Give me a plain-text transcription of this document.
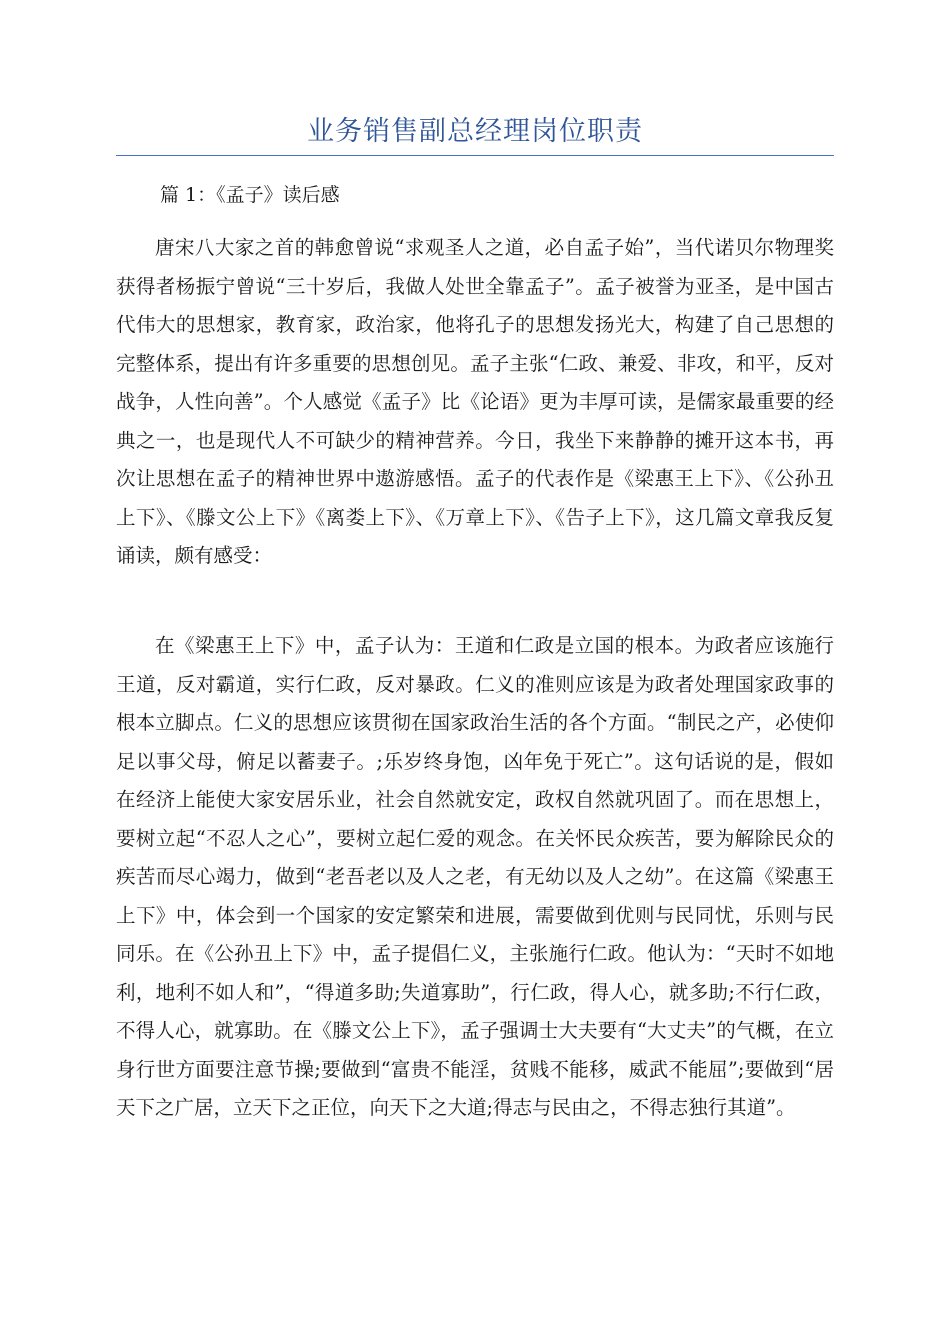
业务销售副总经理岗位职责

篇 1：《孟子》读后感

唐宋八大家之首的韩愈曾说“求观圣人之道，必自孟子始”，当代诺贝尔物理奖获得者杨振宁曾说“三十岁后，我做人处世全靠孟子”。孟子被誉为亚圣，是中国古代伟大的思想家，教育家，政治家，他将孔子的思想发扬光大，构建了自己思想的完整体系，提出有许多重要的思想创见。孟子主张“仁政、兼爱、非攻，和平，反对战争，人性向善”。个人感觉《孟子》比《论语》更为丰厚可读，是儒家最重要的经典之一，也是现代人不可缺少的精神营养。今日，我坐下来静静的摊开这本书，再次让思想在孟子的精神世界中遨游感悟。孟子的代表作是《梁惠王上下》、《公孙丑上下》、《滕文公上下》《离娄上下》、《万章上下》、《告子上下》，这几篇文章我反复诵读，颇有感受：

在《梁惠王上下》中，孟子认为：王道和仁政是立国的根本。为政者应该施行王道，反对霸道，实行仁政，反对暴政。仁义的准则应该是为政者处理国家政事的根本立脚点。仁义的思想应该贯彻在国家政治生活的各个方面。“制民之产，必使仰足以事父母，俯足以蓄妻子。;乐岁终身饱，凶年免于死亡”。这句话说的是，假如在经济上能使大家安居乐业，社会自然就安定，政权自然就巩固了。而在思想上，要树立起“不忍人之心”，要树立起仁爱的观念。在关怀民众疾苦，要为解除民众的疾苦而尽心竭力，做到“老吾老以及人之老，有无幼以及人之幼”。在这篇《梁惠王上下》中，体会到一个国家的安定繁荣和进展，需要做到优则与民同忧，乐则与民同乐。在《公孙丑上下》中，孟子提倡仁义，主张施行仁政。他认为：“天时不如地利，地利不如人和”，“得道多助;失道寡助”，行仁政，得人心，就多助;不行仁政，不得人心，就寡助。在《滕文公上下》，孟子强调士大夫要有“大丈夫”的气概，在立身行世方面要注意节操;要做到“富贵不能淫，贫贱不能移，威武不能屈”;要做到“居天下之广居，立天下之正位，向天下之大道;得志与民由之，不得志独行其道”。
